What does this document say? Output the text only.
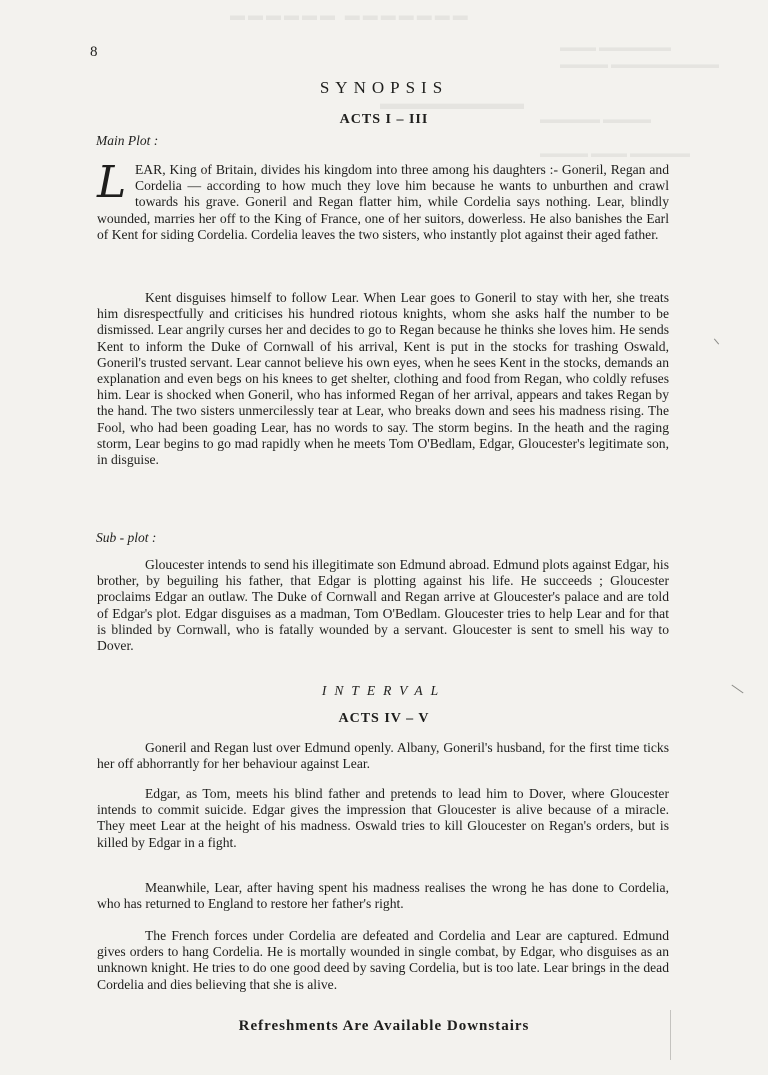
▬▬▬▬▬▬ ▬▬▬▬▬▬▬
▬▬▬ ▬▬▬▬▬▬
▬▬▬▬ ▬▬▬▬▬▬▬▬▬
▬▬▬▬▬▬▬▬
▬▬▬▬▬ ▬▬▬▬
▬▬▬▬ ▬▬▬ ▬▬▬▬▬
8
SYNOPSIS
ACTS I – III
Main Plot :
LEAR, King of Britain, divides his kingdom into three among his daughters :- Goneril, Regan and Cordelia — according to how much they love him because he wants to unburthen and crawl towards his grave. Goneril and Regan flatter him, while Cordelia says nothing. Lear, blindly wounded, marries her off to the King of France, one of her suitors, dowerless. He also banishes the Earl of Kent for siding Cordelia. Cordelia leaves the two sisters, who instantly plot against their aged father.
Kent disguises himself to follow Lear. When Lear goes to Goneril to stay with her, she treats him disrespectfully and criticises his hundred riotous knights, whom she asks half the number to be dismissed. Lear angrily curses her and decides to go to Regan because he thinks she loves him. He sends Kent to inform the Duke of Cornwall of his arrival, Kent is put in the stocks for trashing Oswald, Goneril's trusted servant. Lear cannot believe his own eyes, when he sees Kent in the stocks, demands an explanation and even begs on his knees to get shelter, clothing and food from Regan, who coldly refuses him. Lear is shocked when Goneril, who has informed Regan of her arrival, appears and takes Regan by the hand. The two sisters unmercilessly tear at Lear, who breaks down and sees his madness rising. The Fool, who had been goading Lear, has no words to say. The storm begins. In the heath and the raging storm, Lear begins to go mad rapidly when he meets Tom O'Bedlam, Edgar, Gloucester's legitimate son, in disguise.
Sub - plot :
Gloucester intends to send his illegitimate son Edmund abroad. Edmund plots against Edgar, his brother, by beguiling his father, that Edgar is plotting against his life. He succeeds ; Gloucester proclaims Edgar an outlaw. The Duke of Cornwall and Regan arrive at Gloucester's palace and are told of Edgar's plot. Edgar disguises as a madman, Tom O'Bedlam. Gloucester tries to help Lear and for that is blinded by Cornwall, who is fatally wounded by a servant. Gloucester is sent to smell his way to Dover.
INTERVAL
ACTS IV – V
Goneril and Regan lust over Edmund openly. Albany, Goneril's husband, for the first time ticks her off abhorrantly for her behaviour against Lear.
Edgar, as Tom, meets his blind father and pretends to lead him to Dover, where Gloucester intends to commit suicide. Edgar gives the impression that Gloucester is alive because of a miracle. They meet Lear at the height of his madness. Oswald tries to kill Gloucester on Regan's orders, but is killed by Edgar in a fight.
Meanwhile, Lear, after having spent his madness realises the wrong he has done to Cordelia, who has returned to England to restore her father's right.
The French forces under Cordelia are defeated and Cordelia and Lear are captured. Edmund gives orders to hang Cordelia. He is mortally wounded in single combat, by Edgar, who disguises as an unknown knight. He tries to do one good deed by saving Cordelia, but is too late. Lear brings in the dead Cordelia and dies believing that she is alive.
Refreshments Are Available Downstairs
